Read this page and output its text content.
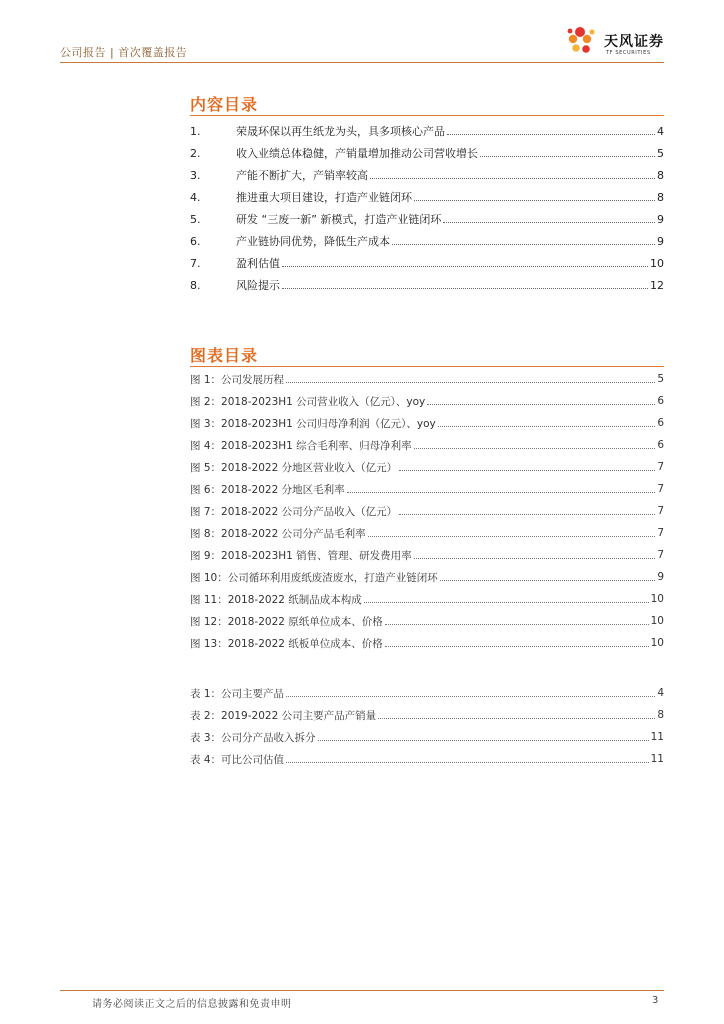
公司报告 | 首次覆盖报告
天风证券
TF SECURITIES
内容目录
1.	荣晟环保以再生纸龙为头，具多项核心产品	4
2.	收入业绩总体稳健，产销量增加推动公司营收增长	5
3.	产能不断扩大，产销率较高	8
4.	推进重大项目建设，打造产业链闭环	8
5.	研发 “三废一新” 新模式，打造产业链闭环	9
6.	产业链协同优势，降低生产成本	9
7.	盈利估值	10
8.	风险提示	12
图表目录
图 1：公司发展历程	5
图 2：2018-2023H1 公司营业收入（亿元）、yoy	6
图 3：2018-2023H1 公司归母净利润（亿元）、yoy	6
图 4：2018-2023H1 综合毛利率、归母净利率	6
图 5：2018-2022 分地区营业收入（亿元）	7
图 6：2018-2022 分地区毛利率	7
图 7：2018-2022 公司分产品收入（亿元）	7
图 8：2018-2022 公司分产品毛利率	7
图 9：2018-2023H1 销售、管理、研发费用率	7
图 10：公司循环利用废纸废渣废水，打造产业链闭环	9
图 11：2018-2022 纸制品成本构成	10
图 12：2018-2022 原纸单位成本、价格	10
图 13：2018-2022 纸板单位成本、价格	10
表 1：公司主要产品	4
表 2：2019-2022 公司主要产品产销量	8
表 3：公司分产品收入拆分	11
表 4：可比公司估值	11
请务必阅读正文之后的信息披露和免责申明	3
